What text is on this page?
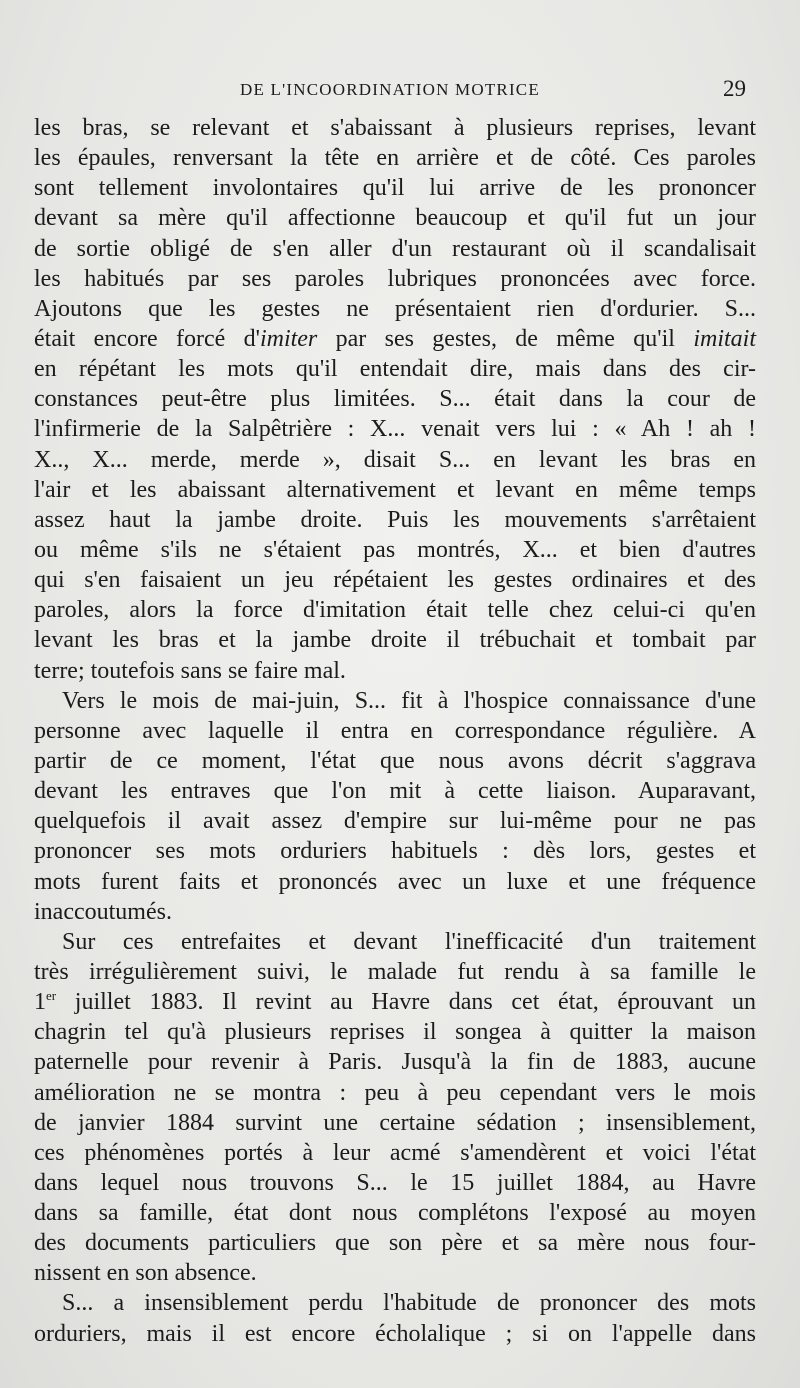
DE L'INCOORDINATION MOTRICE	29
les bras, se relevant et s'abaissant à plusieurs reprises, levant
les épaules, renversant la tête en arrière et de côté. Ces paroles
sont tellement involontaires qu'il lui arrive de les prononcer
devant sa mère qu'il affectionne beaucoup et qu'il fut un jour
de sortie obligé de s'en aller d'un restaurant où il scandalisait
les habitués par ses paroles lubriques prononcées avec force.
Ajoutons que les gestes ne présentaient rien d'ordurier. S...
était encore forcé d'imiter par ses gestes, de même qu'il imitait
en répétant les mots qu'il entendait dire, mais dans des cir-
constances peut-être plus limitées. S... était dans la cour de
l'infirmerie de la Salpêtrière : X... venait vers lui : « Ah ! ah !
X.., X... merde, merde », disait S... en levant les bras en
l'air et les abaissant alternativement et levant en même temps
assez haut la jambe droite. Puis les mouvements s'arrêtaient
ou même s'ils ne s'étaient pas montrés, X... et bien d'autres
qui s'en faisaient un jeu répétaient les gestes ordinaires et des
paroles, alors la force d'imitation était telle chez celui-ci qu'en
levant les bras et la jambe droite il trébuchait et tombait par
terre; toutefois sans se faire mal.
Vers le mois de mai-juin, S... fit à l'hospice connaissance d'une
personne avec laquelle il entra en correspondance régulière. A
partir de ce moment, l'état que nous avons décrit s'aggrava
devant les entraves que l'on mit à cette liaison. Auparavant,
quelquefois il avait assez d'empire sur lui-même pour ne pas
prononcer ses mots orduriers habituels : dès lors, gestes et
mots furent faits et prononcés avec un luxe et une fréquence
inaccoutumés.
Sur ces entrefaites et devant l'inefficacité d'un traitement
très irrégulièrement suivi, le malade fut rendu à sa famille le
1er juillet 1883. Il revint au Havre dans cet état, éprouvant un
chagrin tel qu'à plusieurs reprises il songea à quitter la maison
paternelle pour revenir à Paris. Jusqu'à la fin de 1883, aucune
amélioration ne se montra : peu à peu cependant vers le mois
de janvier 1884 survint une certaine sédation ; insensiblement,
ces phénomènes portés à leur acmé s'amendèrent et voici l'état
dans lequel nous trouvons S... le 15 juillet 1884, au Havre
dans sa famille, état dont nous complétons l'exposé au moyen
des documents particuliers que son père et sa mère nous four-
nissent en son absence.
S... a insensiblement perdu l'habitude de prononcer des mots
orduriers, mais il est encore écholalique ; si on l'appelle dans
